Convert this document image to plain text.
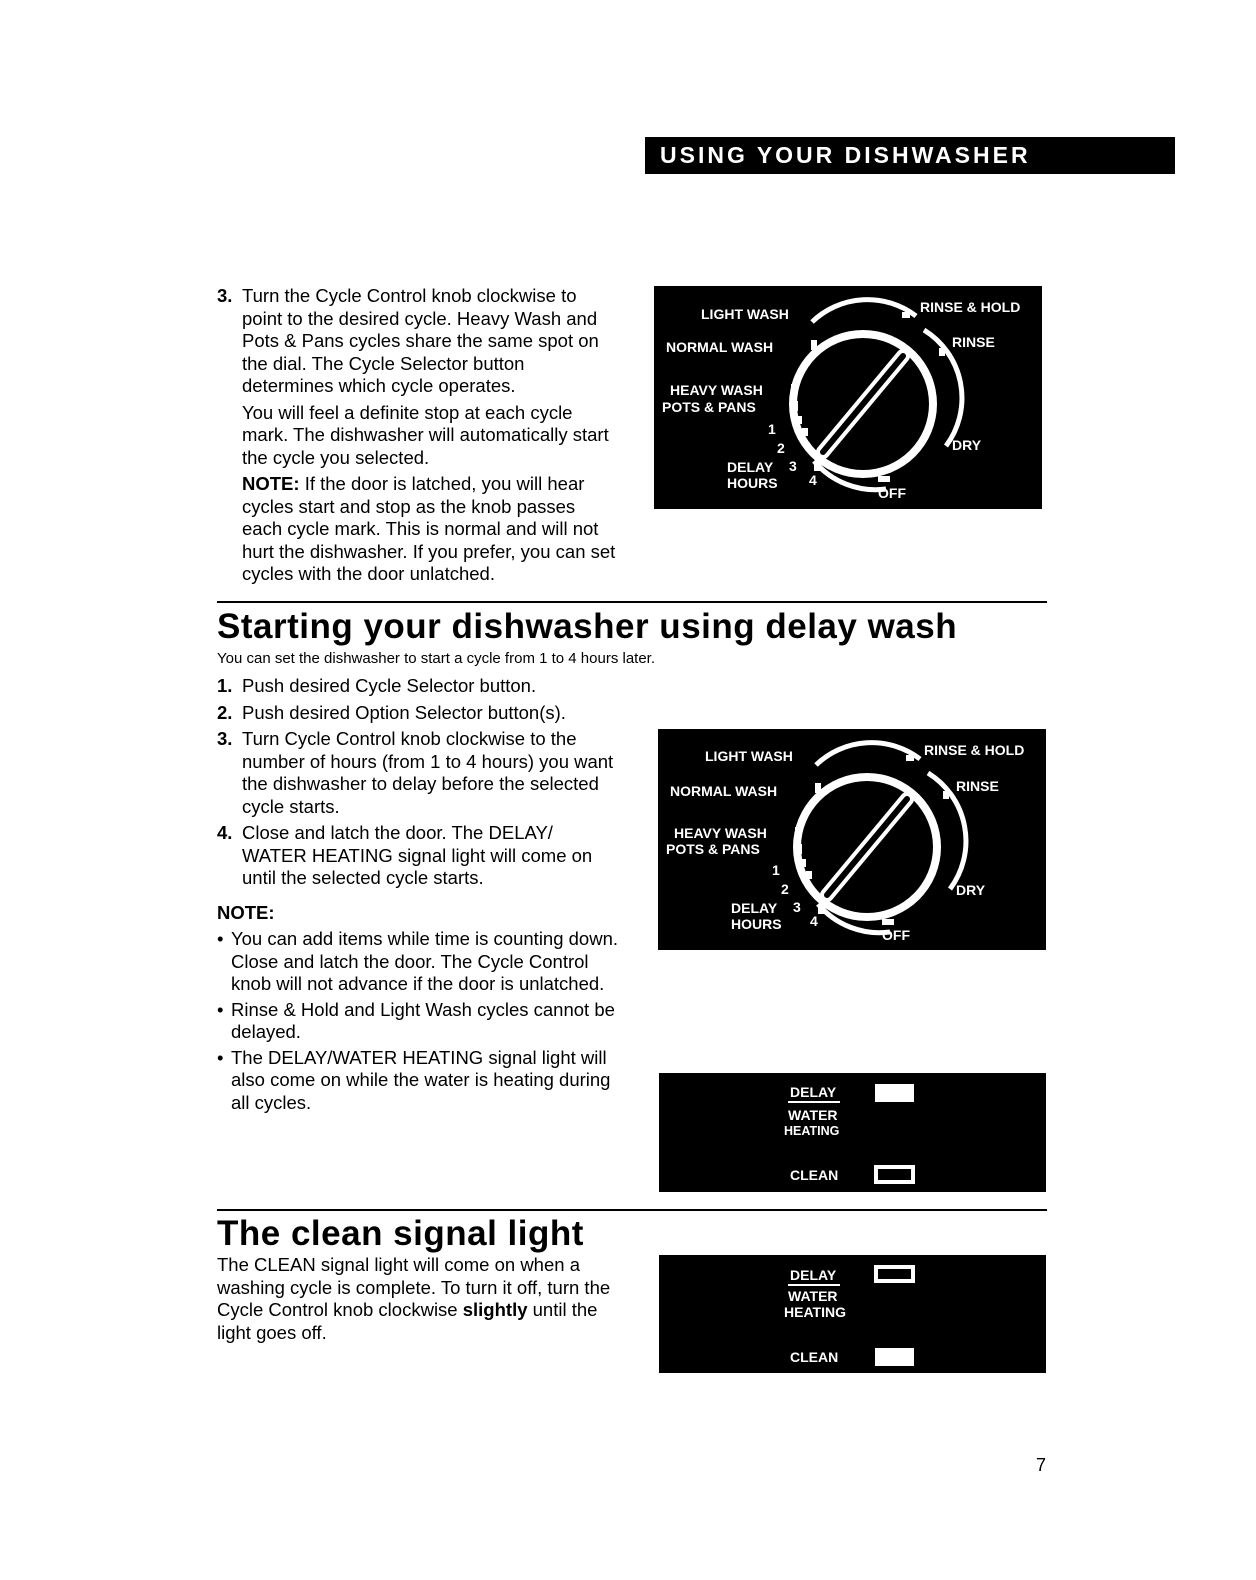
USING YOUR DISHWASHER
3. Turn the Cycle Control knob clockwise to point to the desired cycle. Heavy Wash and Pots & Pans cycles share the same spot on the dial. The Cycle Selector button determines which cycle operates.

You will feel a definite stop at each cycle mark. The dishwasher will automatically start the cycle you selected.

NOTE: If the door is latched, you will hear cycles start and stop as the knob passes each cycle mark. This is normal and will not hurt the dishwasher. If you prefer, you can set cycles with the door unlatched.

LIGHT WASH
NORMAL WASH
HEAVY WASH
POTS & PANS
RINSE & HOLD
RINSE
DRY
OFF
DELAY
HOURS
1
2
3
4
Starting your dishwasher using delay wash
You can set the dishwasher to start a cycle from 1 to 4 hours later.
1. Push desired Cycle Selector button.
2. Push desired Option Selector button(s).
3. Turn Cycle Control knob clockwise to the number of hours (from 1 to 4 hours) you want the dishwasher to delay before the selected cycle starts.
4. Close and latch the door. The DELAY/ WATER HEATING signal light will come on until the selected cycle starts.
NOTE:
• You can add items while time is counting down. Close and latch the door. The Cycle Control knob will not advance if the door is unlatched.
• Rinse & Hold and Light Wash cycles cannot be delayed.
• The DELAY/WATER HEATING signal light will also come on while the water is heating during all cycles.
LIGHT WASH
NORMAL WASH
HEAVY WASH
POTS & PANS
RINSE & HOLD
RINSE
DRY
OFF
DELAY
HOURS
1
2
3
4
DELAY
WATER
HEATING
CLEAN
The clean signal light

The CLEAN signal light will come on when a washing cycle is complete. To turn it off, turn the Cycle Control knob clockwise slightly until the light goes off.

DELAY
WATER
HEATING
CLEAN
7
